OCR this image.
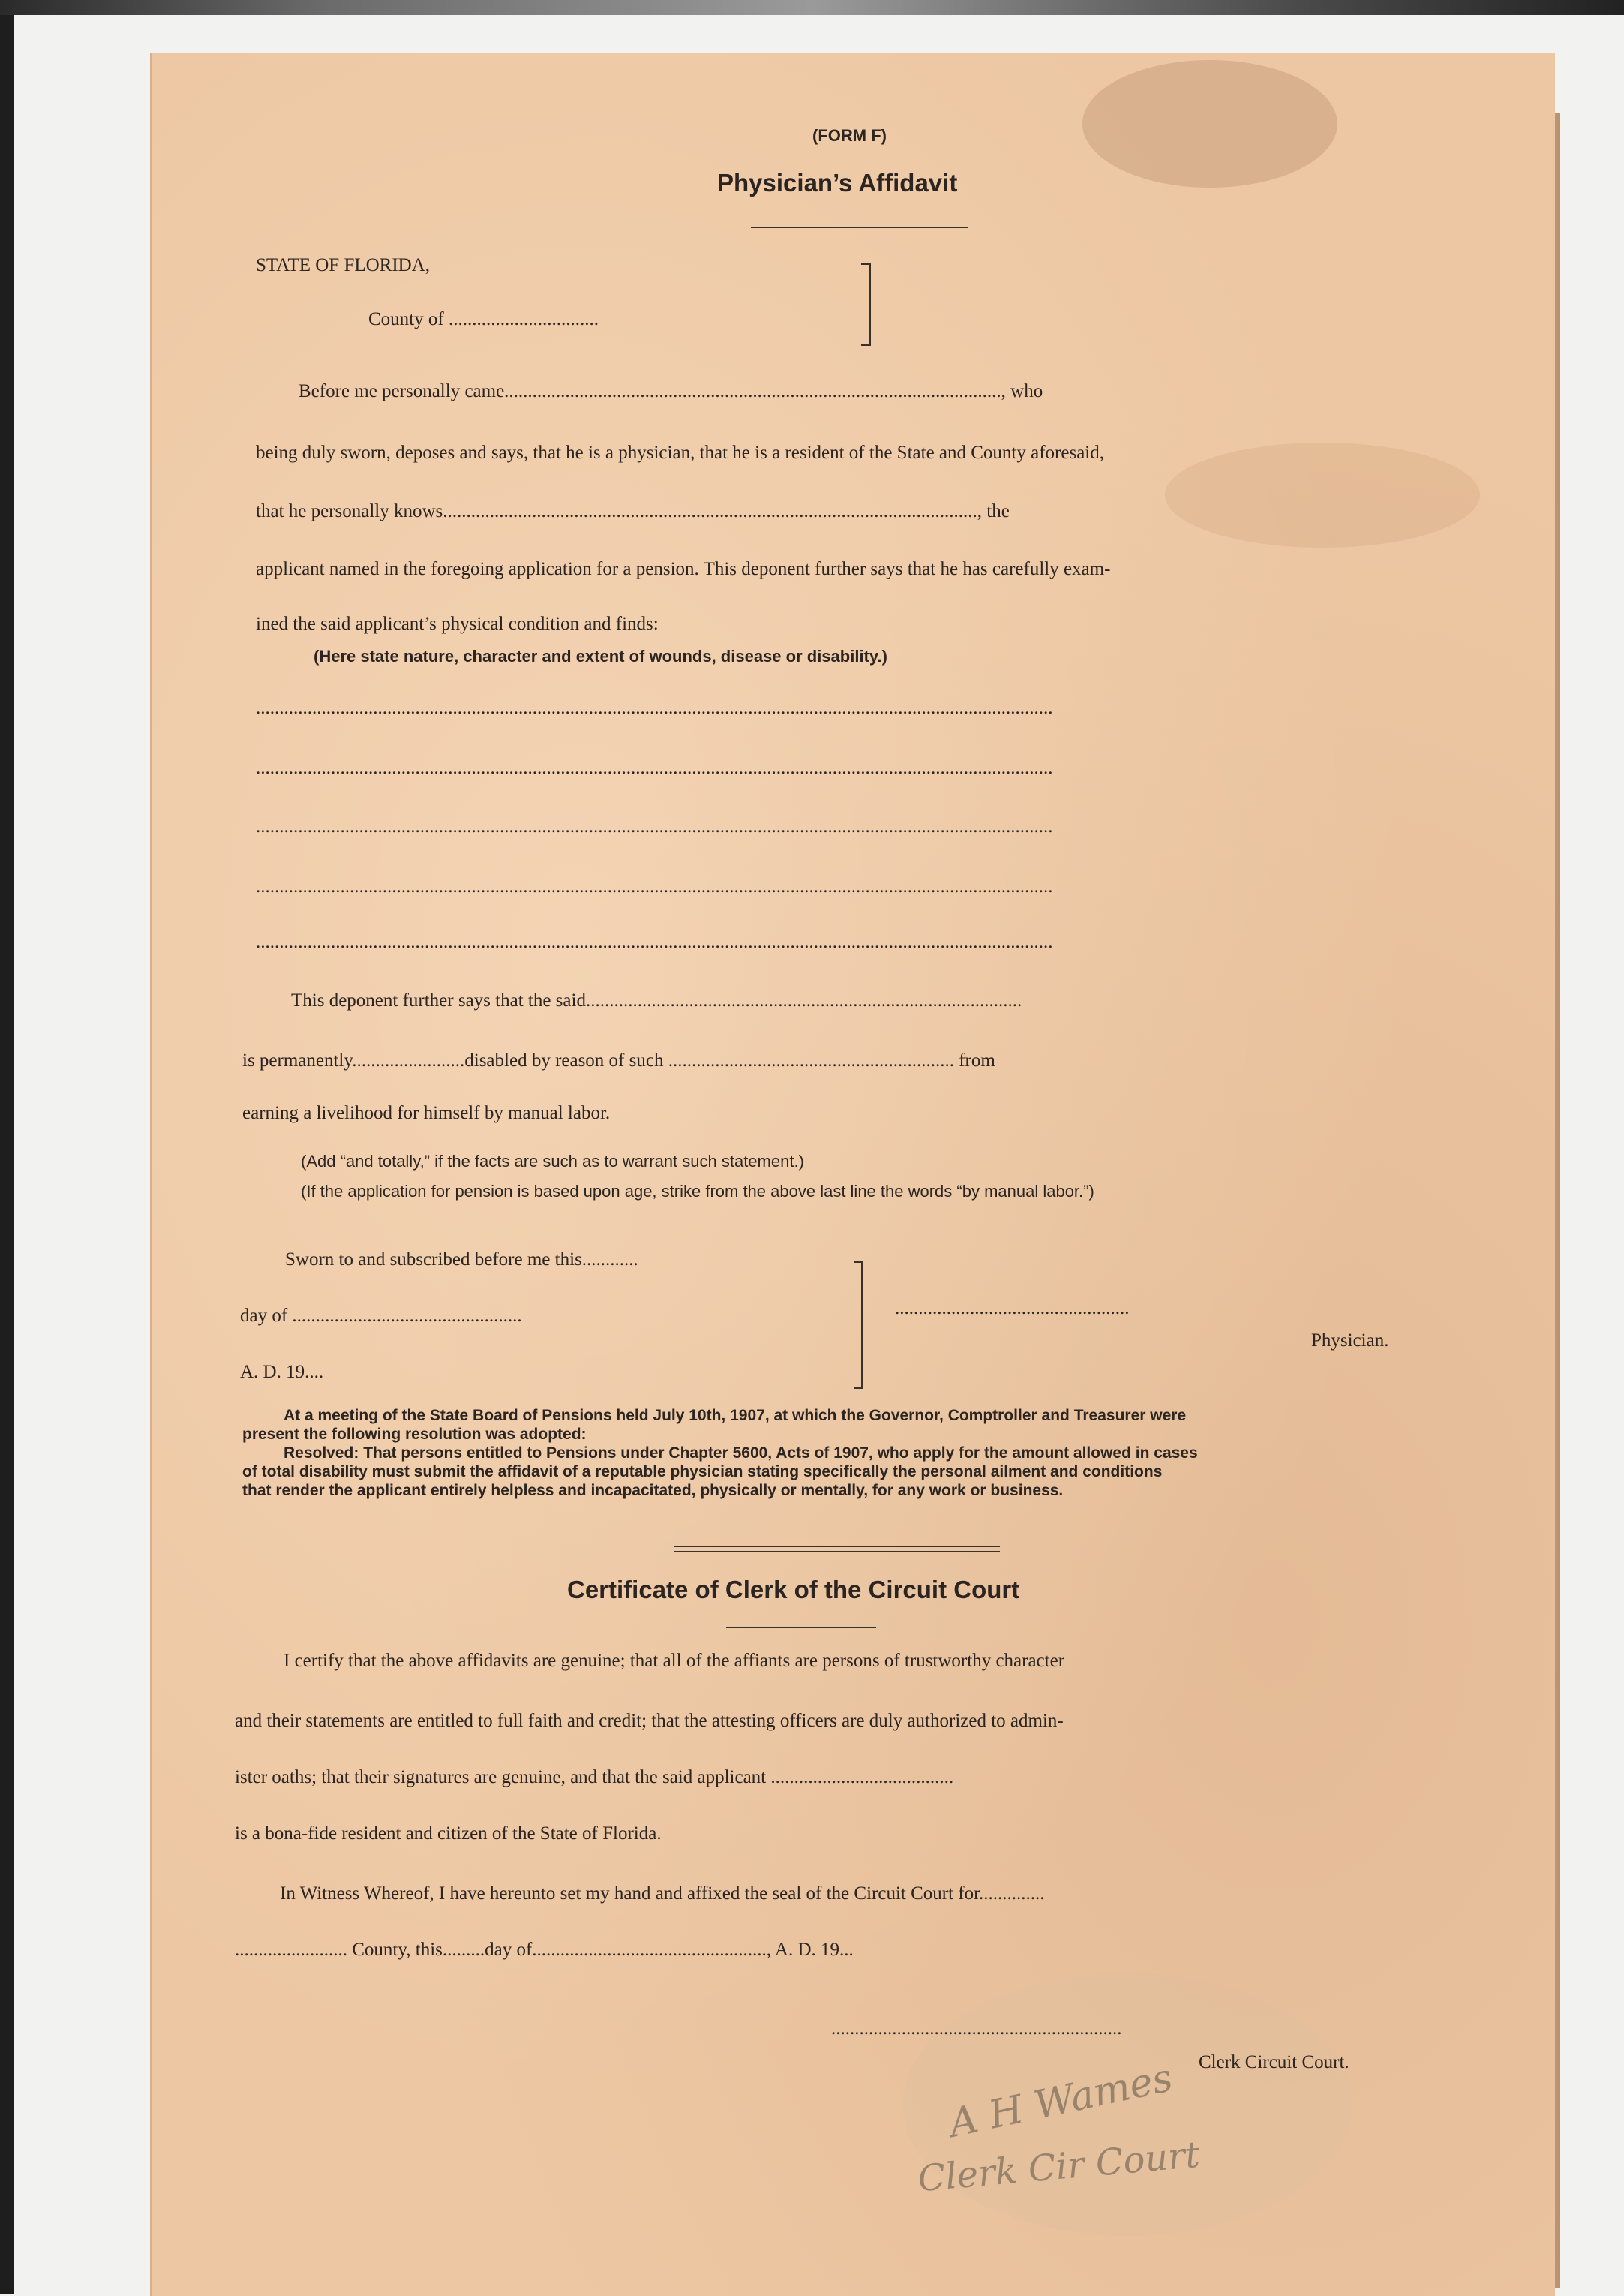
(FORM F)
Physician’s Affidavit
STATE OF FLORIDA,
County of ................................
Before me personally came.........................................................................................................., who
being duly sworn, deposes and says, that he is a physician, that he is a resident of the State and County aforesaid,
that he personally knows.................................................................................................................., the
applicant named in the foregoing application for a pension. This deponent further says that he has carefully exam-
ined the said applicant’s physical condition and finds:
(Here state nature, character and extent of wounds, disease or disability.)
..........................................................................................................................................................................
..........................................................................................................................................................................
..........................................................................................................................................................................
..........................................................................................................................................................................
..........................................................................................................................................................................
This deponent further says that the said.............................................................................................
is permanently........................disabled by reason of such ............................................................. from
earning a livelihood for himself by manual labor.
(Add “and totally,” if the facts are such as to warrant such statement.)
(If the application for pension is based upon age, strike from the above last line the words “by manual labor.”)
Sworn to and subscribed before me this............
day of .................................................
A. D. 19....
..................................................
Physician.
At a meeting of the State Board of Pensions held July 10th, 1907, at which the Governor, Comptroller and Treasurer were
present the following resolution was adopted:
Resolved: That persons entitled to Pensions under Chapter 5600, Acts of 1907, who apply for the amount allowed in cases
of total disability must submit the affidavit of a reputable physician stating specifically the personal ailment and conditions
that render the applicant entirely helpless and incapacitated, physically or mentally, for any work or business.
Certificate of Clerk of the Circuit Court
I certify that the above affidavits are genuine; that all of the affiants are persons of trustworthy character
and their statements are entitled to full faith and credit; that the attesting officers are duly authorized to admin-
ister oaths; that their signatures are genuine, and that the said applicant .......................................
is a bona-fide resident and citizen of the State of Florida.
In Witness Whereof, I have hereunto set my hand and affixed the seal of the Circuit Court for..............
........................ County, this.........day of.................................................., A. D. 19...
..............................................................
Clerk Circuit Court.
A H Wames
Clerk Cir Court
